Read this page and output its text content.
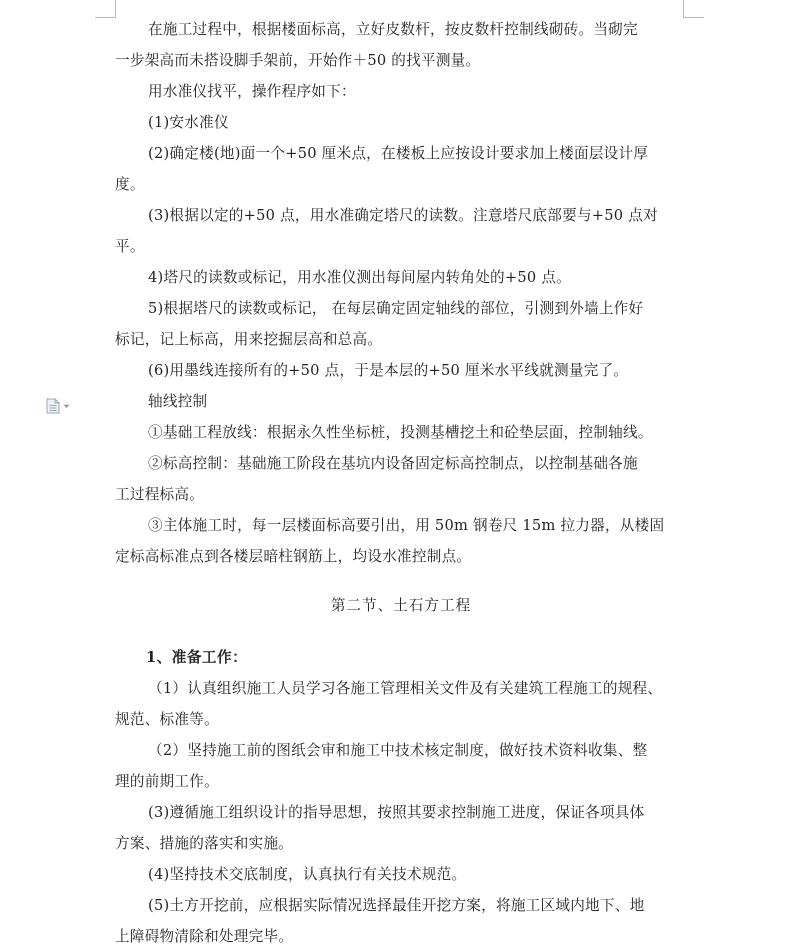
在施工过程中，根据楼面标高，立好皮数杆，按皮数杆控制线砌砖。当砌完
一步架高而未搭设脚手架前，开始作＋50 的找平测量。
用水准仪找平，操作程序如下：
(1)安水准仪
(2)确定楼(地)面一个+50 厘米点，在楼板上应按设计要求加上楼面层设计厚
度。
(3)根据以定的+50 点，用水准确定塔尺的读数。注意塔尺底部要与+50 点对
平。
4)塔尺的读数或标记，用水准仪测出每间屋内转角处的+50 点。
5)根据塔尺的读数或标记， 在每层确定固定轴线的部位，引测到外墙上作好
标记，记上标高，用来挖掘层高和总高。
(6)用墨线连接所有的+50 点，于是本层的+50 厘米水平线就测量完了。
轴线控制
①基础工程放线：根据永久性坐标桩，投测基槽挖土和砼垫层面，控制轴线。
②标高控制：基础施工阶段在基坑内设备固定标高控制点，以控制基础各施
工过程标高。
③主体施工时，每一层楼面标高要引出，用 50m 钢卷尺 15m 拉力器，从楼固
定标高标准点到各楼层暗柱钢筋上，均设水准控制点。
第二节、土石方工程
1、准备工作：
（1）认真组织施工人员学习各施工管理相关文件及有关建筑工程施工的规程、
规范、标准等。
（2）坚持施工前的图纸会审和施工中技术核定制度，做好技术资料收集、整
理的前期工作。
(3)遵循施工组织设计的指导思想，按照其要求控制施工进度，保证各项具体
方案、措施的落实和实施。
(4)坚持技术交底制度，认真执行有关技术规范。
(5)土方开挖前，应根据实际情况选择最佳开挖方案，将施工区域内地下、地
上障碍物清除和处理完毕。
